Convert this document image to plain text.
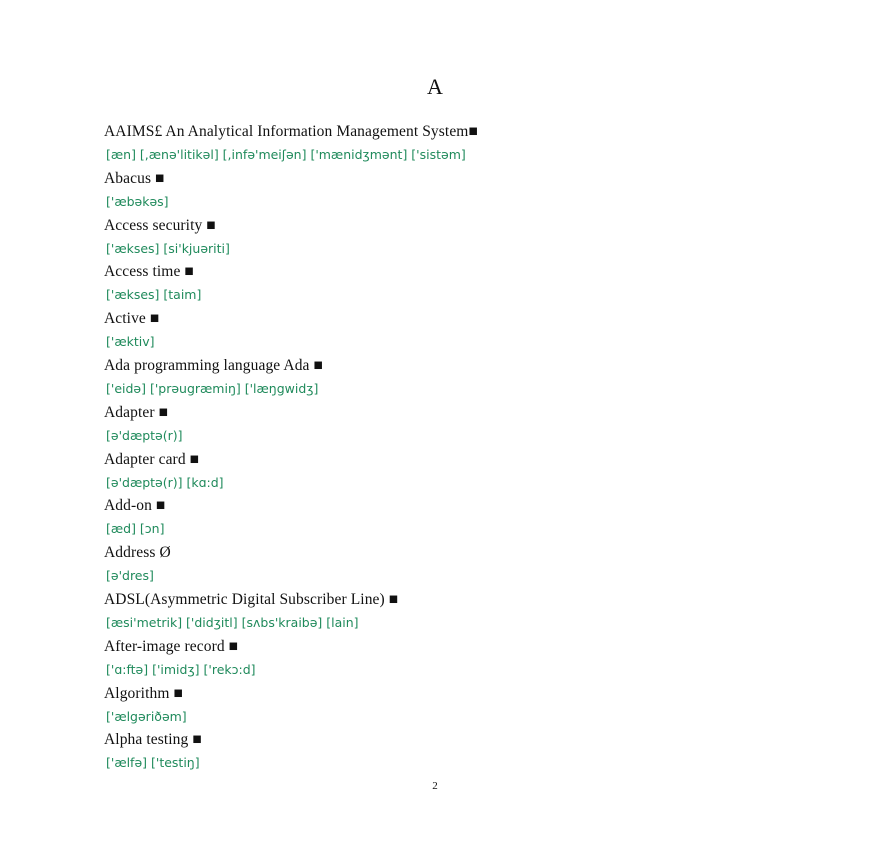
A
AAIMS£ An Analytical Information Management System■
[æn] [,ænə'litikəl] [,infə'meiʃən] ['mænidʒmənt] ['sistəm]
Abacus ■
['æbəkəs]
Access security ■
['ækses] [si'kjuəriti]
Access time ■
['ækses] [taim]
Active ■
['æktiv]
Ada programming language Ada ■
['eidə] ['prəugræmiŋ] ['læŋgwidʒ]
Adapter ■
[ə'dæptə(r)]
Adapter card ■
[ə'dæptə(r)] [kɑ:d]
Add-on ■
[æd] [ɔn]
Address Ø
[ə'dres]
ADSL(Asymmetric Digital Subscriber Line) ■
[æsi'metrik] ['didʒitl] [sʌbs'kraibə] [lain]
After-image record ■
['ɑ:ftə] ['imidʒ] ['rekɔ:d]
Algorithm ■
['ælgəriðəm]
Alpha testing ■
['ælfə] ['testiŋ]
2
